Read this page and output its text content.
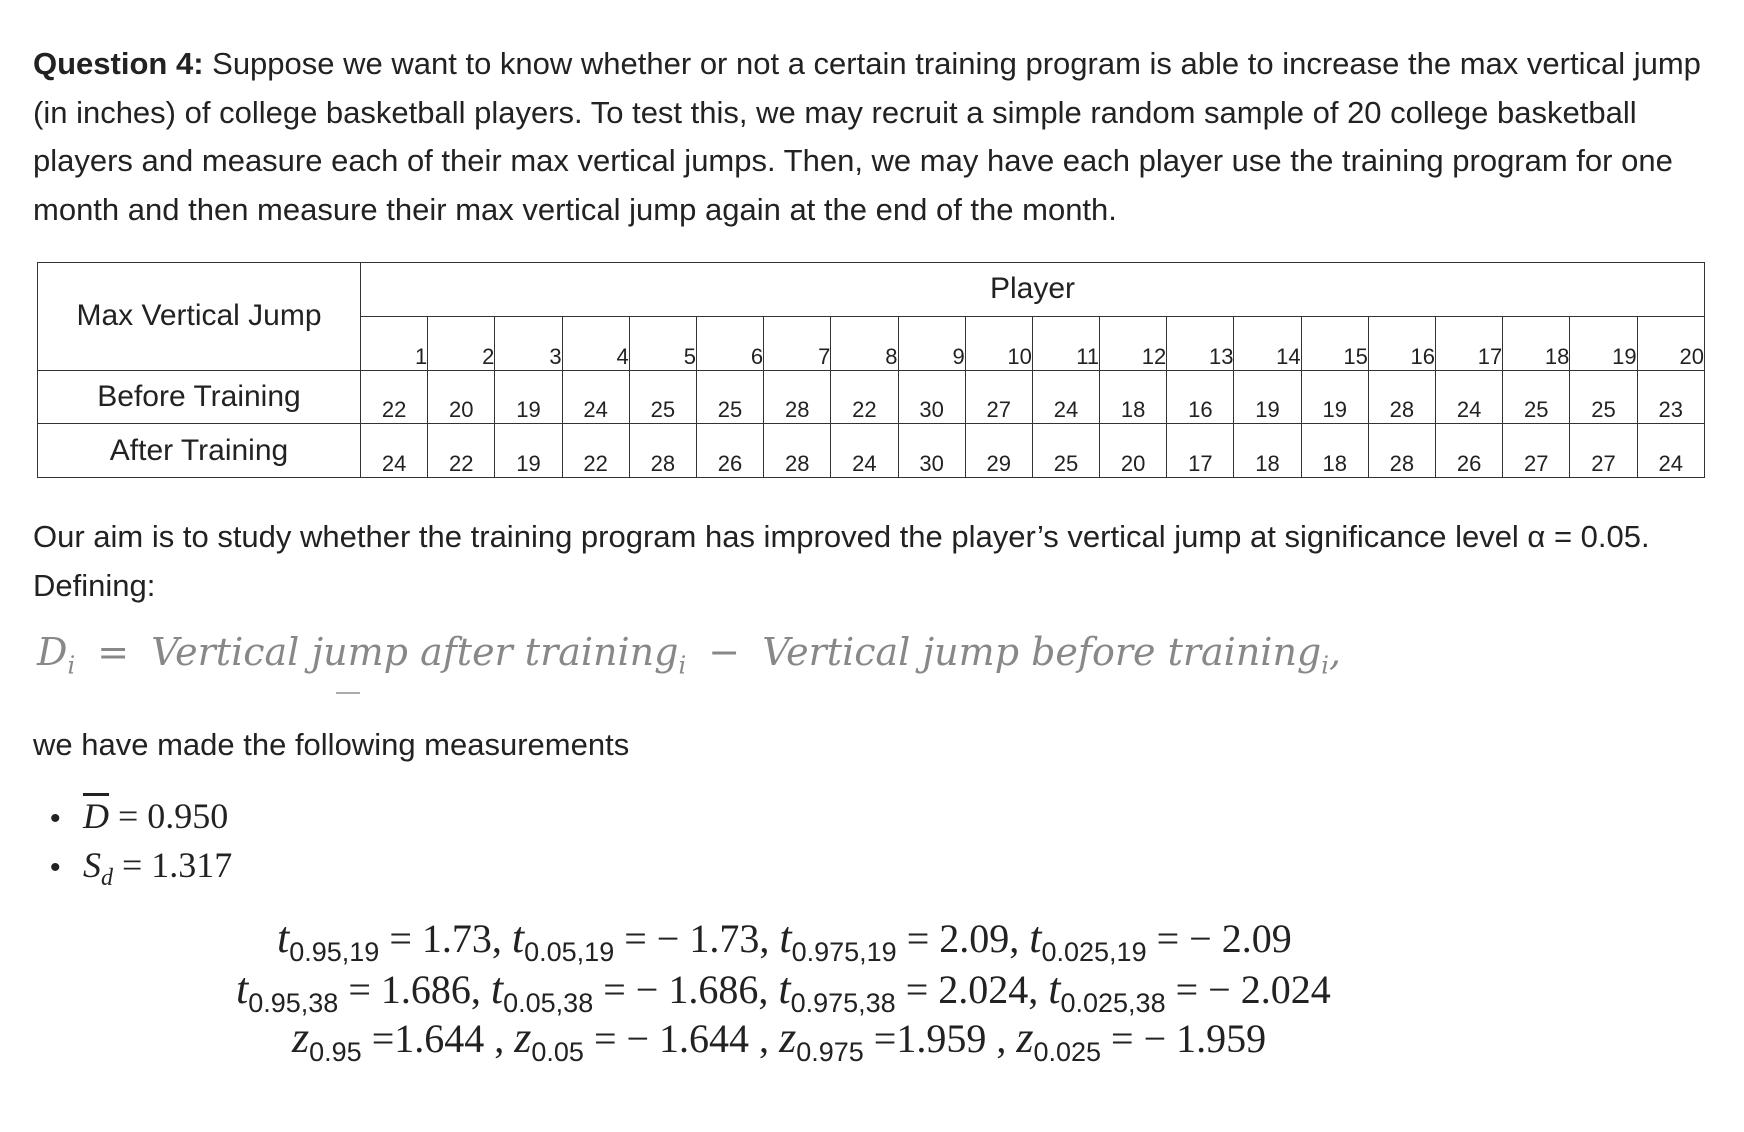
Question 4: Suppose we want to know whether or not a certain training program is able to increase the max vertical jump (in inches) of college basketball players. To test this, we may recruit a simple random sample of 20 college basketball players and measure each of their max vertical jumps. Then, we may have each player use the training program for one month and then measure their max vertical jump again at the end of the month.

Max Vertical Jump	Player																			
	1	2	3	4	5	6	7	8	9	10	11	12	13	14	15	16	17	18	19	20
Before Training	22	20	19	24	25	25	28	22	30	27	24	18	16	19	19	28	24	25	25	23
After Training	24	22	19	22	28	26	28	24	30	29	25	20	17	18	18	28	26	27	27	24

Our aim is to study whether the training program has improved the player’s vertical jump at significance level α = 0.05.
Defining:

$D_i$ = Vertical jump after training$_i$ − Vertical jump before training$_i$,

we have made the following measurements

• $\overline{D} = 0.950$
• $S_d = 1.317$

$t_{0.95,19} = 1.73$, $t_{0.05,19}$ = − 1.73, $t_{0.975,19} = 2.09$, $t_{0.025,19}$ = − 2.09

$t_{0.95,38} = 1.686$, $t_{0.05,38}$ = − 1.686, $t_{0.975,38} = 2.024$, $t_{0.025,38}$ = − 2.024

$z_{0.95} =1.644$ , $z_{0.05}$ = − 1.644 , $z_{0.975} =1.959$ , $z_{0.025}$ = − 1.959
